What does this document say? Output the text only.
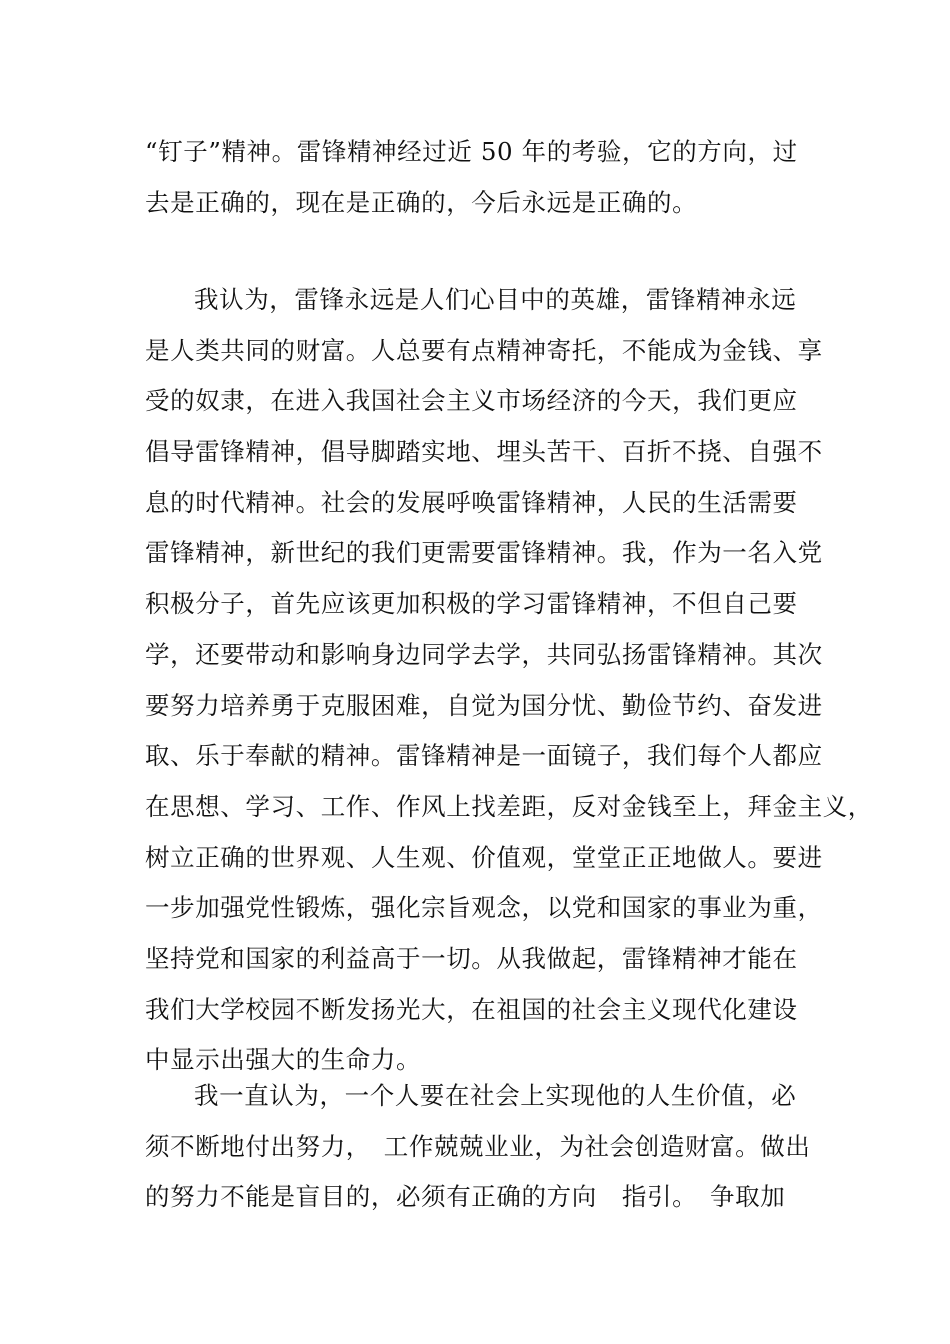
“钉子”精神。雷锋精神经过近 50 年的考验，它的方向，过
去是正确的，现在是正确的，今后永远是正确的。
我认为，雷锋永远是人们心目中的英雄，雷锋精神永远
是人类共同的财富。人总要有点精神寄托，不能成为金钱、享
受的奴隶，在进入我国社会主义市场经济的今天，我们更应
倡导雷锋精神，倡导脚踏实地、埋头苦干、百折不挠、自强不
息的时代精神。社会的发展呼唤雷锋精神，人民的生活需要
雷锋精神，新世纪的我们更需要雷锋精神。我，作为一名入党
积极分子，首先应该更加积极的学习雷锋精神，不但自己要
学，还要带动和影响身边同学去学，共同弘扬雷锋精神。其次
要努力培养勇于克服困难，自觉为国分忧、勤俭节约、奋发进
取、乐于奉献的精神。雷锋精神是一面镜子，我们每个人都应
在思想、学习、工作、作风上找差距，反对金钱至上，拜金主义，
树立正确的世界观、人生观、价值观，堂堂正正地做人。要进
一步加强党性锻炼，强化宗旨观念，以党和国家的事业为重，
坚持党和国家的利益高于一切。从我做起，雷锋精神才能在
我们大学校园不断发扬光大，在祖国的社会主义现代化建设
中显示出强大的生命力。
我一直认为，一个人要在社会上实现他的人生价值，必
须不断地付出努力，　工作兢兢业业，为社会创造财富。做出
的努力不能是盲目的，必须有正确的方向　指引。　争取加
